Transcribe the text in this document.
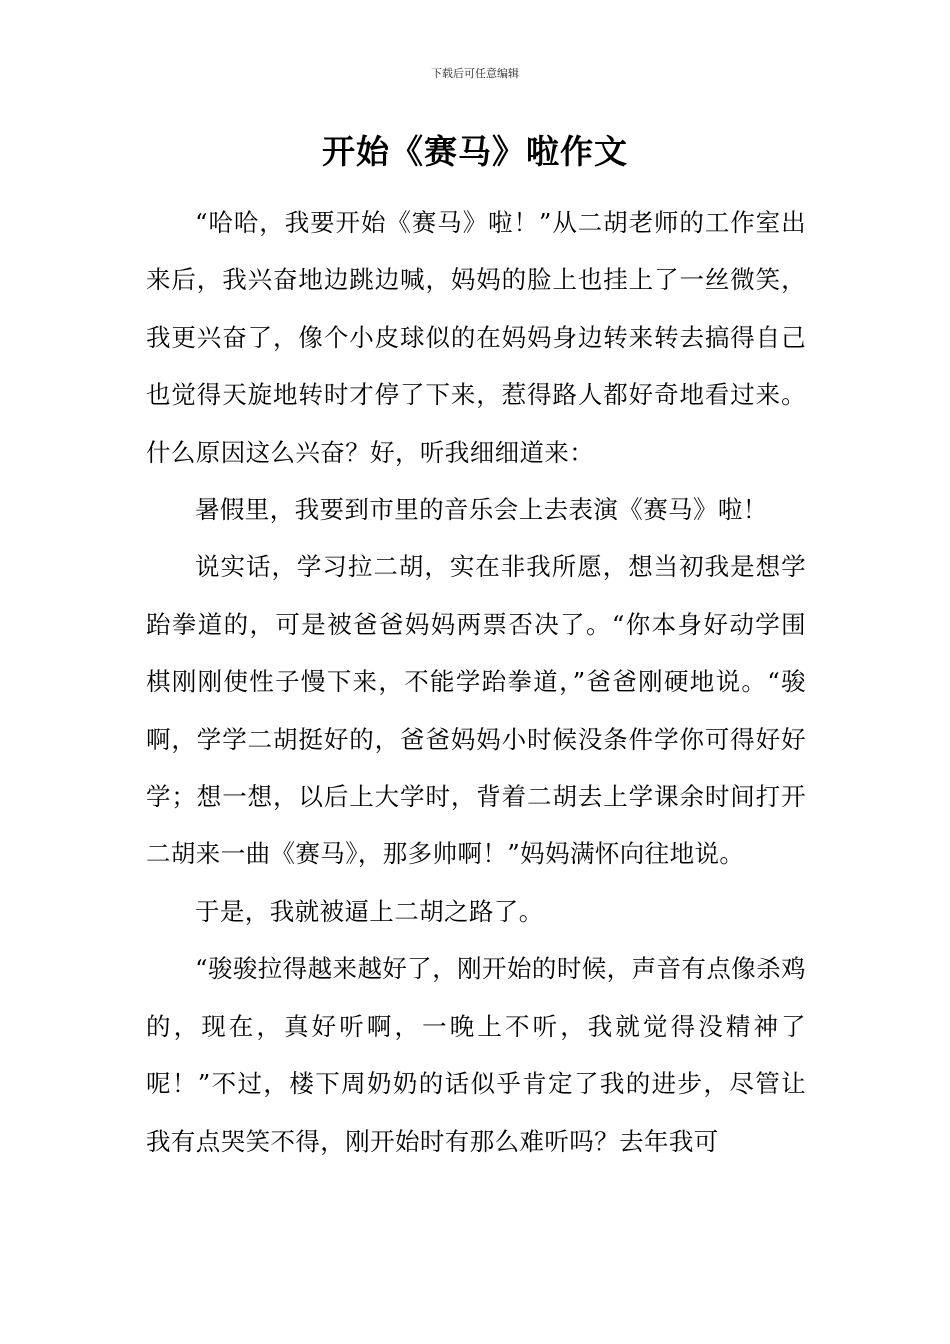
下载后可任意编辑
开始《赛马》啦作文

“哈哈，我要开始《赛马》啦！”从二胡老师的工作室出来后，我兴奋地边跳边喊，妈妈的脸上也挂上了一丝微笑，我更兴奋了，像个小皮球似的在妈妈身边转来转去搞得自己也觉得天旋地转时才停了下来，惹得路人都好奇地看过来。什么原因这么兴奋？好，听我细细道来：

暑假里，我要到市里的音乐会上去表演《赛马》啦！

说实话，学习拉二胡，实在非我所愿，想当初我是想学跆拳道的，可是被爸爸妈妈两票否决了。“你本身好动学围棋刚刚使性子慢下来，不能学跆拳道，”爸爸刚硬地说。“骏啊，学学二胡挺好的，爸爸妈妈小时候没条件学你可得好好学；想一想，以后上大学时，背着二胡去上学课余时间打开二胡来一曲《赛马》，那多帅啊！”妈妈满怀向往地说。

于是，我就被逼上二胡之路了。

“骏骏拉得越来越好了，刚开始的时候，声音有点像杀鸡的，现在，真好听啊，一晚上不听，我就觉得没精神了呢！”不过，楼下周奶奶的话似乎肯定了我的进步，尽管让我有点哭笑不得，刚开始时有那么难听吗？去年我可
